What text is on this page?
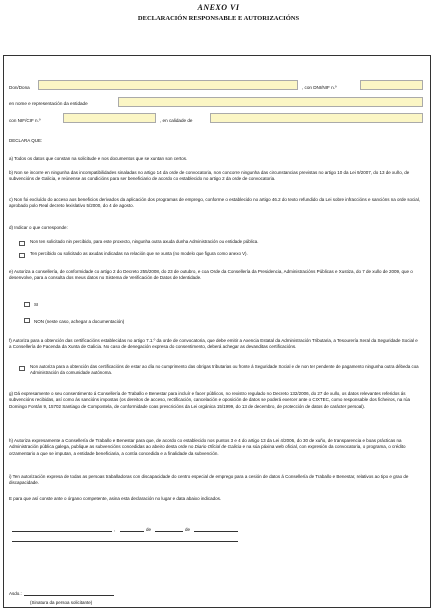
ANEXO VI
DECLARACIÓN RESPONSABLE E AUTORIZACIÓNS
Don/Dona	, con DNI/NIF n.º
en nome e representación da entidade
con NIF/CIF n.º	, en calidade de
DECLARA QUE:
a) Todos os datos que constan na solicitude e nos documentos que se xuntan son certos.
b) Non se incorre en ningunha das incompatibilidades sinaladas no artigo 14 da orde de convocatoria, non concorre ningunha das circunstancias previstas no artigo 10 da Lei 9/2007, do 13 de xuño, de subvencións de Galicia, e reúnense as condicións para ser beneficiario de acordo co establecido no artigo 2 da orde de convocatoria.
c) Non foi excluído do acceso aos beneficios derivados da aplicación dos programas de emprego, conforme o establecido no artigo 46.2 do texto refundido da Lei sobre infraccións e sancións na orde social, aprobado polo Real decreto lexislativo 5/2000, do 4 de agosto.
d) Indicar o que corresponde:
Non ten solicitado nin percibido, para este proxecto, ningunha outra axuda dunha Administración ou entidade pública.
Ten percibido ou solicitado as axudas indicadas na relación que se xunta (no modelo que figura como anexo V).
e) Autoriza a consellería, de conformidade co artigo 2 do Decreto 255/2008, do 23 de outubro, e coa Orde da Consellería da Presidencia, Administracións Públicas e Xustiza, do 7 de xullo de 2009, que o desenvolve, para a consulta dos meus datos no Sistema de Verificación de Datos de Identidade.
SI
NON (neste caso, achegar a documentación)
f) Autoriza para a obtención das certificacións establecidas no artigo 7.1.º da orde de convocatoria, que debe emitir a Axencia Estatal da Administración Tributaria, a Tesourería Xeral da Seguridade Social e a Consellería de Facenda da Xunta de Galicia. No caso de denegación expresa do consentimento, deberá achegar as devanditas certificacións.
Non autoriza para a obtención das certificacións de estar ao día no cumprimento das obrigas tributarias ou fronte á Seguridade Social e de non ter pendente de pagamento ningunha outra débeda coa Administración da comunidade autónoma.
g) Dá expresamente o seu consentimento á Consellería de Traballo e Benestar para incluír e facer públicos, no rexistro regulado no Decreto 132/2006, do 27 de xullo, os datos relevantes referidos ás subvencións recibidas, así como ás sancións impostas (os dereitos de acceso, rectificación, cancelación e oposición de datos se poderá exercer ante o CIXTEC, como responsable dos ficheiros, na rúa Domingo Fontán 9, 15702 Santiago de Compostela, de conformidade coas prescricións da Lei orgánica 15/1999, do 13 de decembro, de protección de datos de carácter persoal).
h) Autoriza expresamente a Consellería de Traballo e Benestar para que, de acordo co establecido nos puntos 3 e 4 do artigo 13 da Lei 4/2006, do 30 de xuño, de transparencia e boas prácticas na Administración pública galega, publique as subvencións concedidas ao abeiro desta orde no Diario Oficial de Galicia e na súa páxina web oficial, con expresión da convocatoria, o programa, o crédito orzamentario a que se imputan, a entidade beneficiaria, a contía concedida e a finalidade da subvención.
i) Ten autorización expresa de todas as persoas traballadoras con discapacidade do centro especial de emprego para a cesión de datos á Consellería de Traballo e Benestar, relativos ao tipo e grao de discapacidade.
E para que así conste ante o órgano competente, asina esta declaración no lugar e data abaixo indicados.
,	de	de
Asdo.:
(Sinatura da persoa solicitante)
